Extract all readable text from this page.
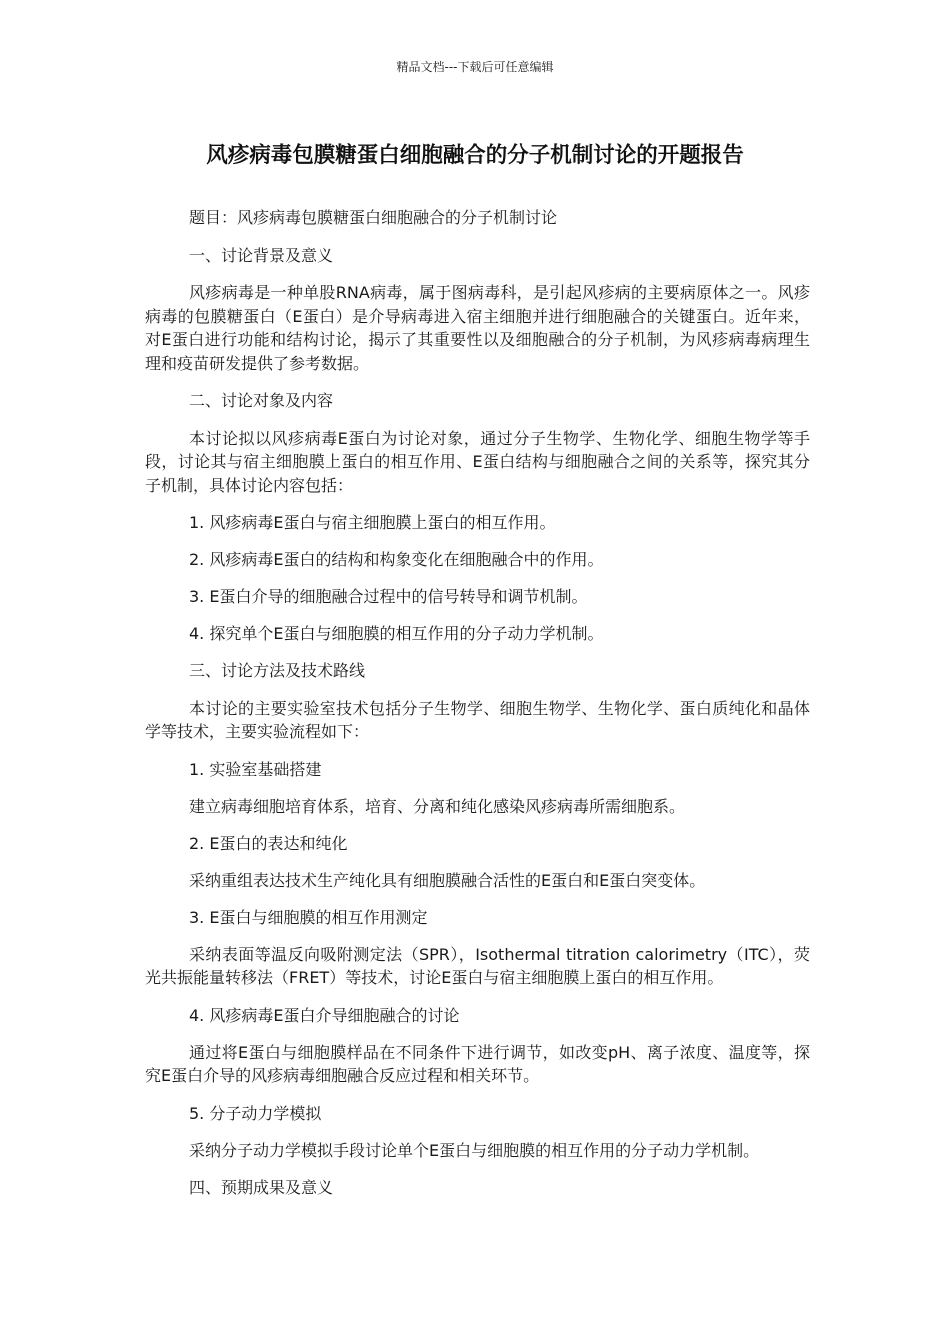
精品文档---下载后可任意编辑
风疹病毒包膜糖蛋白细胞融合的分子机制讨论的开题报告

题目：风疹病毒包膜糖蛋白细胞融合的分子机制讨论

一、讨论背景及意义

风疹病毒是一种单股RNA病毒，属于图病毒科，是引起风疹病的主要病原体之一。风疹病毒的包膜糖蛋白（E蛋白）是介导病毒进入宿主细胞并进行细胞融合的关键蛋白。近年来，对E蛋白进行功能和结构讨论，揭示了其重要性以及细胞融合的分子机制，为风疹病毒病理生理和疫苗研发提供了参考数据。

二、讨论对象及内容

本讨论拟以风疹病毒E蛋白为讨论对象，通过分子生物学、生物化学、细胞生物学等手段，讨论其与宿主细胞膜上蛋白的相互作用、E蛋白结构与细胞融合之间的关系等，探究其分子机制，具体讨论内容包括：

1. 风疹病毒E蛋白与宿主细胞膜上蛋白的相互作用。

2. 风疹病毒E蛋白的结构和构象变化在细胞融合中的作用。

3. E蛋白介导的细胞融合过程中的信号转导和调节机制。

4. 探究单个E蛋白与细胞膜的相互作用的分子动力学机制。

三、讨论方法及技术路线

本讨论的主要实验室技术包括分子生物学、细胞生物学、生物化学、蛋白质纯化和晶体学等技术，主要实验流程如下：

1. 实验室基础搭建

建立病毒细胞培育体系，培育、分离和纯化感染风疹病毒所需细胞系。

2. E蛋白的表达和纯化

采纳重组表达技术生产纯化具有细胞膜融合活性的E蛋白和E蛋白突变体。

3. E蛋白与细胞膜的相互作用测定

采纳表面等温反向吸附测定法（SPR），Isothermal titration calorimetry（ITC），荧光共振能量转移法（FRET）等技术，讨论E蛋白与宿主细胞膜上蛋白的相互作用。

4. 风疹病毒E蛋白介导细胞融合的讨论

通过将E蛋白与细胞膜样品在不同条件下进行调节，如改变pH、离子浓度、温度等，探究E蛋白介导的风疹病毒细胞融合反应过程和相关环节。

5. 分子动力学模拟

采纳分子动力学模拟手段讨论单个E蛋白与细胞膜的相互作用的分子动力学机制。

四、预期成果及意义
